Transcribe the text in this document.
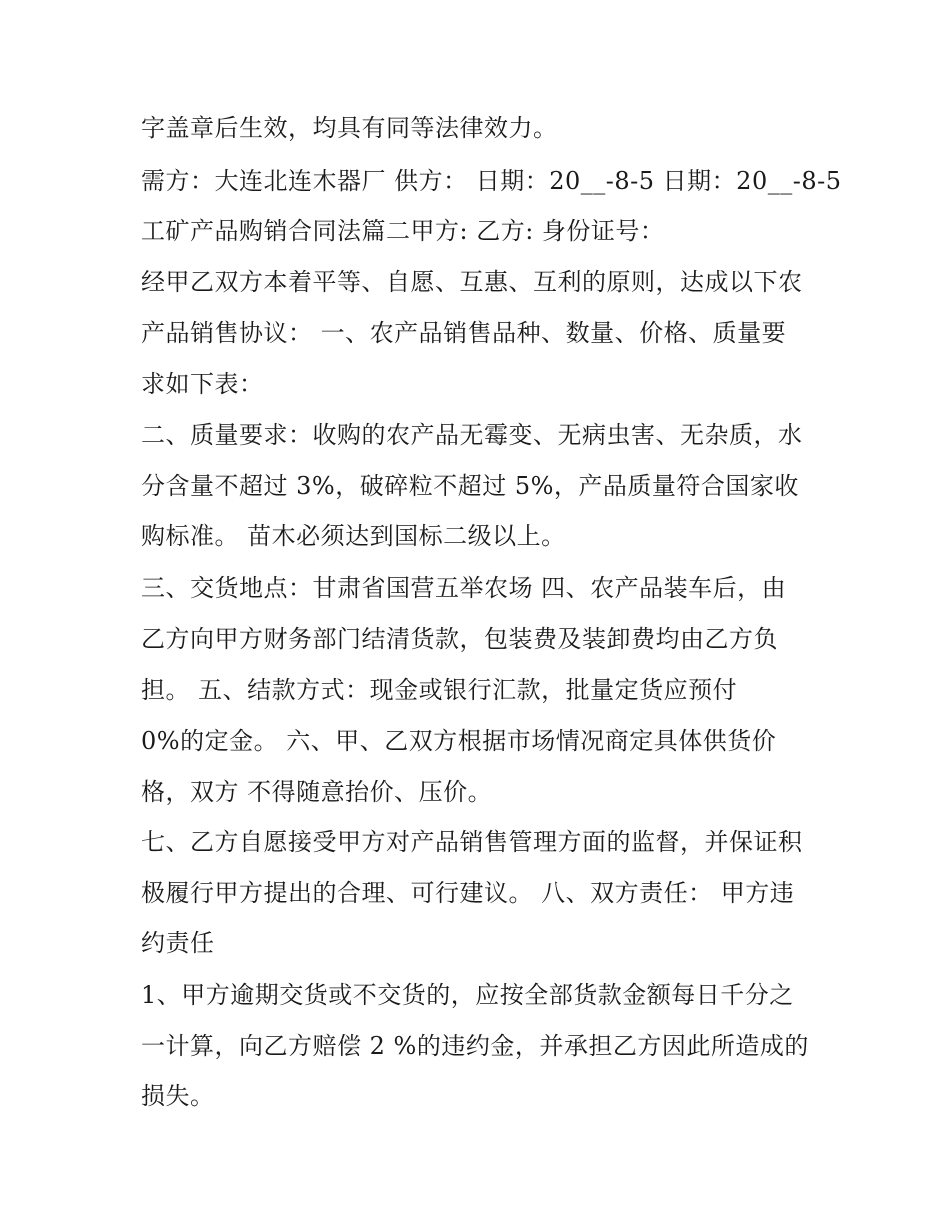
字盖章后生效，均具有同等法律效力。
需方：大连北连木器厂 供方： 日期：20__-8-5 日期：20__-8-5
工矿产品购销合同法篇二甲方: 乙方: 身份证号：
经甲乙双方本着平等、自愿、互惠、互利的原则，达成以下农
产品销售协议： 一、农产品销售品种、数量、价格、质量要
求如下表：
二、质量要求：收购的农产品无霉变、无病虫害、无杂质，水
分含量不超过 3%，破碎粒不超过 5%，产品质量符合国家收
购标准。 苗木必须达到国标二级以上。
三、交货地点：甘肃省国营五举农场 四、农产品装车后，由
乙方向甲方财务部门结清货款，包装费及装卸费均由乙方负
担。 五、结款方式：现金或银行汇款，批量定货应预付
0%的定金。 六、甲、乙双方根据市场情况商定具体供货价
格，双方 不得随意抬价、压价。
七、乙方自愿接受甲方对产品销售管理方面的监督，并保证积
极履行甲方提出的合理、可行建议。 八、双方责任： 甲方违
约责任
1、甲方逾期交货或不交货的，应按全部货款金额每日千分之
一计算，向乙方赔偿 2 %的违约金，并承担乙方因此所造成的
损失。
